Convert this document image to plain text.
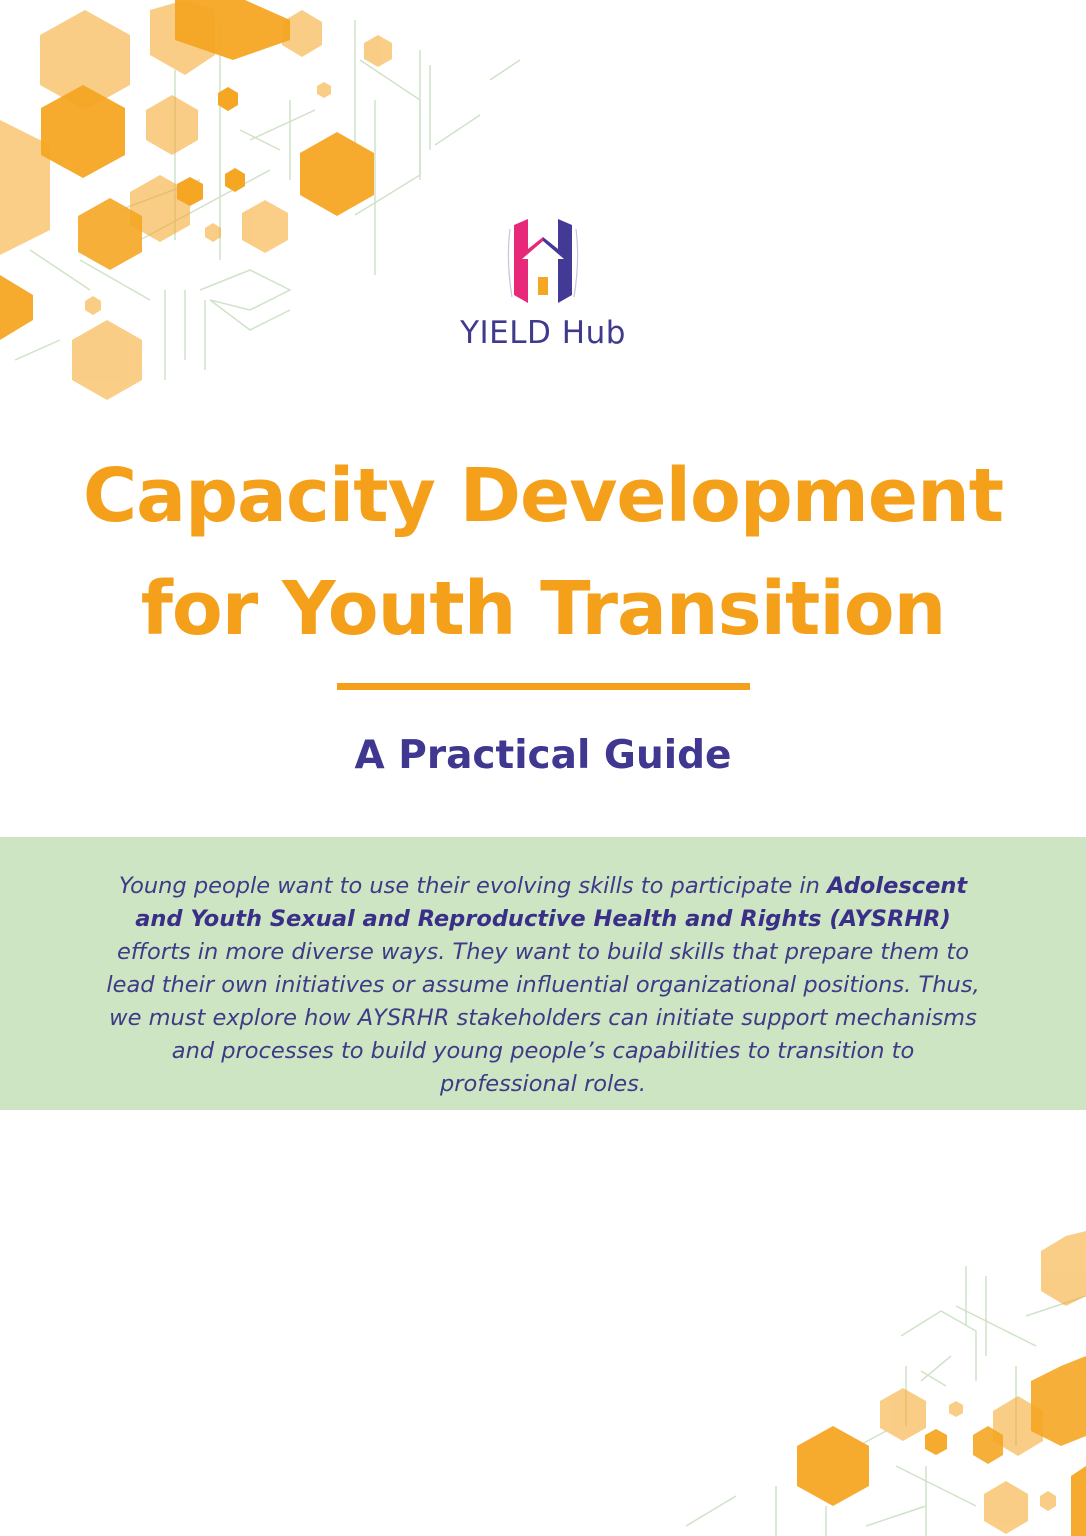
YIELD Hub
Capacity Development
for Youth Transition
A Practical Guide

Young people want to use their evolving skills to participate in Adolescent and Youth Sexual and Reproductive Health and Rights (AYSRHR) efforts in more diverse ways. They want to build skills that prepare them to lead their own initiatives or assume influential organizational positions. Thus, we must explore how AYSRHR stakeholders can initiate support mechanisms and processes to build young people’s capabilities to transition to professional roles.
